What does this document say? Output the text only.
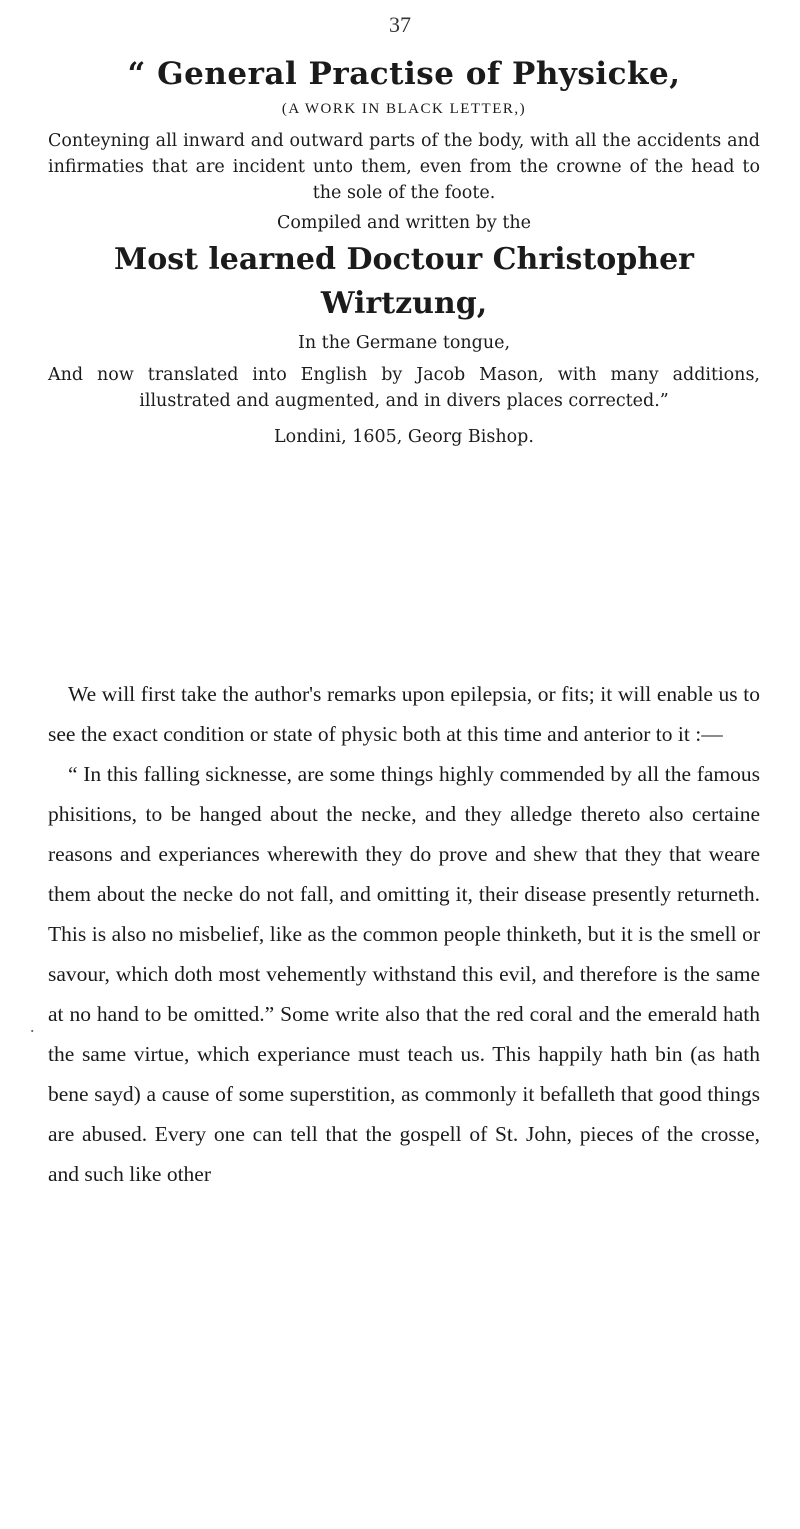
37
“ General Practise of Physicke,
(A WORK IN BLACK LETTER,)
Conteyning all inward and outward parts of the body, with all the accidents and infirmaties that are incident unto them, even from the crowne of the head to the sole of the foote.
Compiled and written by the
Most learned Doctour Christopher Wirtzung,
In the Germane tongue,
And now translated into English by Jacob Mason, with many additions, illustrated and augmented, and in divers places corrected.”
Londini, 1605, Georg Bishop.
.

We will first take the author's remarks upon epilepsia, or fits; it will enable us to see the exact condition or state of physic both at this time and anterior to it :—

“ In this falling sicknesse, are some things highly commended by all the famous phisitions, to be hanged about the necke, and they alledge thereto also certaine reasons and experiances wherewith they do prove and shew that they that weare them about the necke do not fall, and omitting it, their disease presently returneth. This is also no misbelief, like as the common people thinketh, but it is the smell or savour, which doth most vehemently withstand this evil, and therefore is the same at no hand to be omitted.” Some write also that the red coral and the emerald hath the same virtue, which experiance must teach us. This happily hath bin (as hath bene sayd) a cause of some superstition, as commonly it befalleth that good things are abused. Every one can tell that the gospell of St. John, pieces of the crosse, and such like other
